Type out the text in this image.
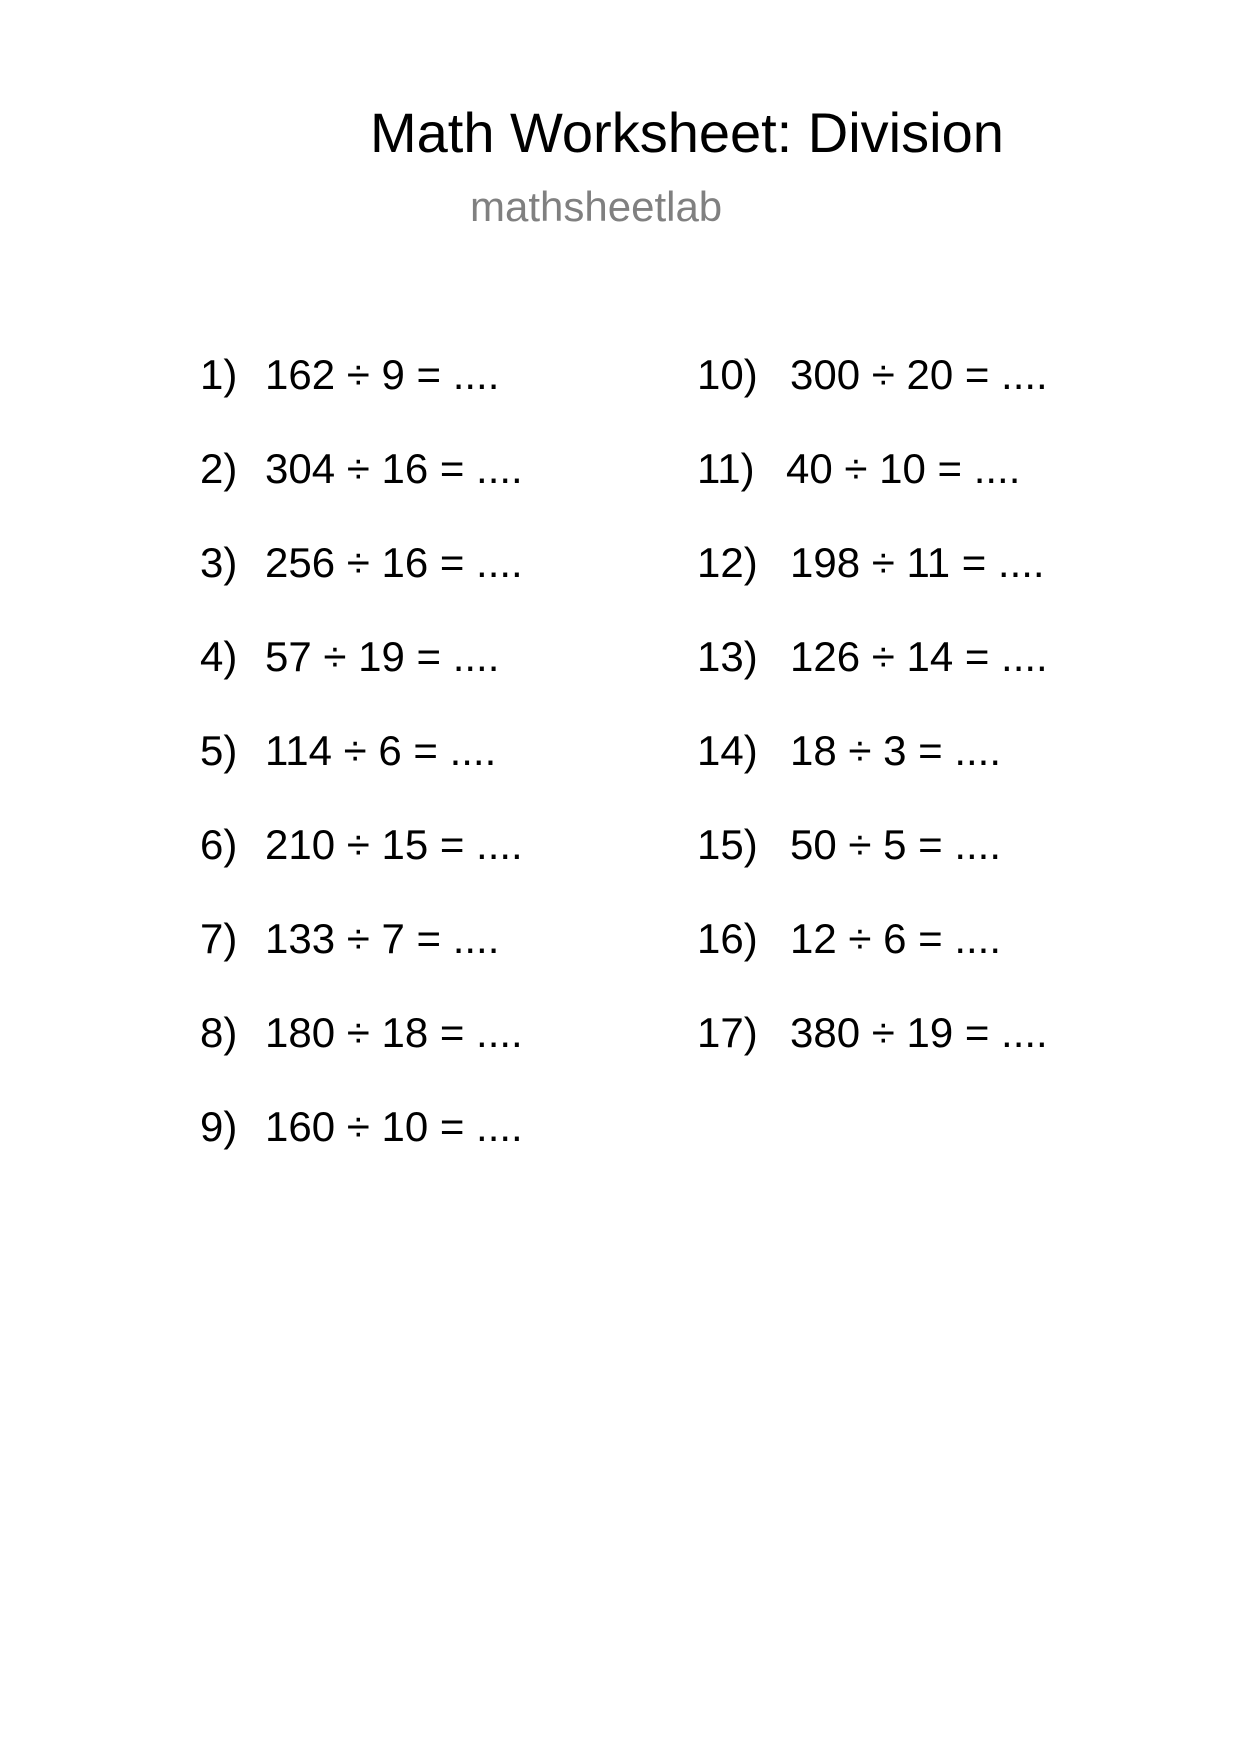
Math Worksheet: Division
mathsheetlab
1) 162 ÷ 9 = ....
2) 304 ÷ 16 = ....
3) 256 ÷ 16 = ....
4) 57 ÷ 19 = ....
5) 114 ÷ 6 = ....
6) 210 ÷ 15 = ....
7) 133 ÷ 7 = ....
8) 180 ÷ 18 = ....
9) 160 ÷ 10 = ....
10) 300 ÷ 20 = ....
11) 40 ÷ 10 = ....
12) 198 ÷ 11 = ....
13) 126 ÷ 14 = ....
14) 18 ÷ 3 = ....
15) 50 ÷ 5 = ....
16) 12 ÷ 6 = ....
17) 380 ÷ 19 = ....
